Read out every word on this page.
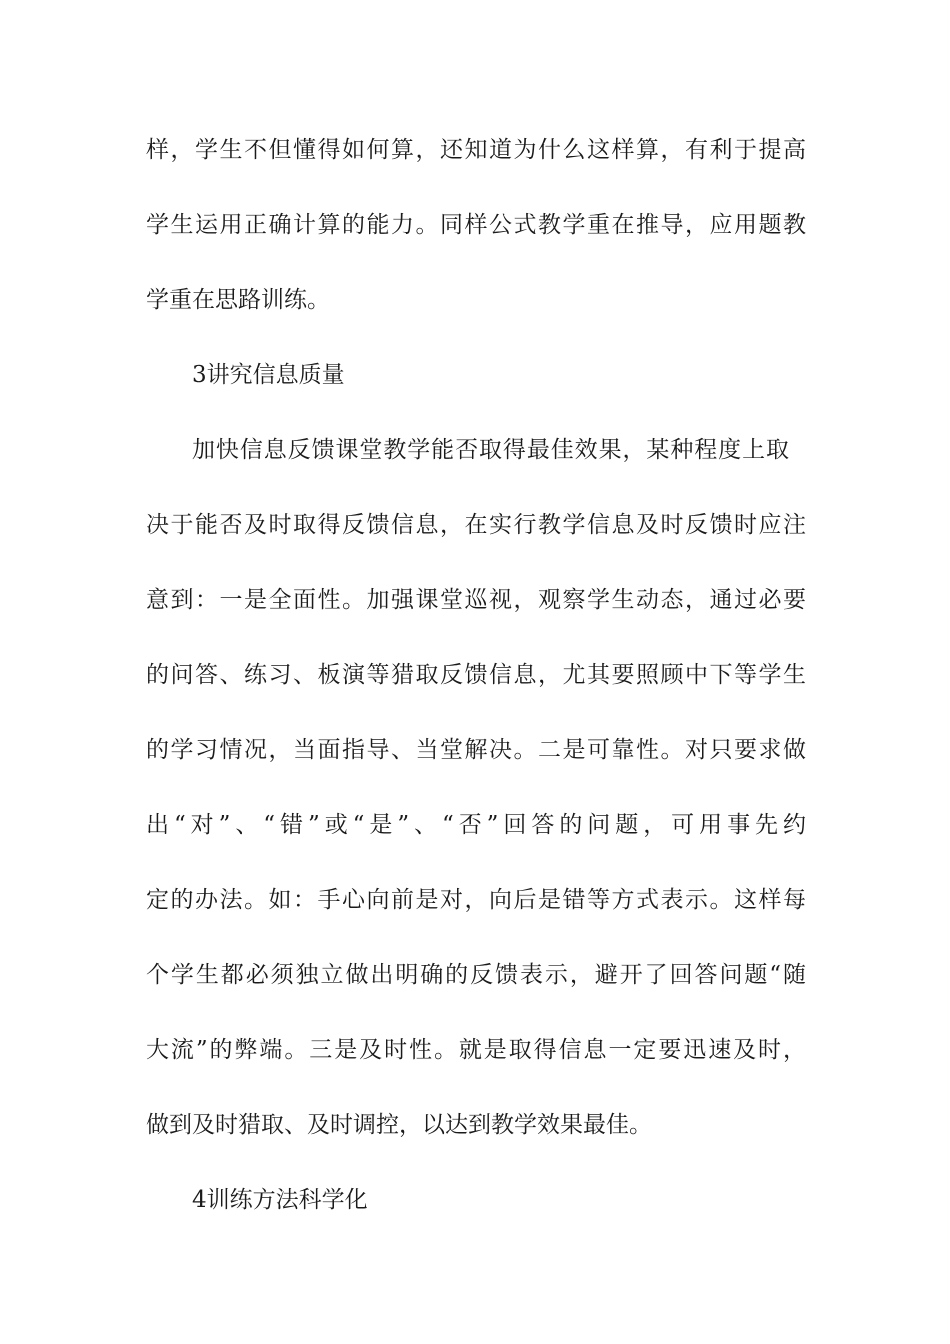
样，学生不但懂得如何算，还知道为什么这样算，有利于提高
学生运用正确计算的能力。同样公式教学重在推导，应用题教
学重在思路训练。
3讲究信息质量
加快信息反馈课堂教学能否取得最佳效果，某种程度上取
决于能否及时取得反馈信息，在实行教学信息及时反馈时应注
意到：一是全面性。加强课堂巡视，观察学生动态，通过必要
的问答、练习、板演等猎取反馈信息，尤其要照顾中下等学生
的学习情况，当面指导、当堂解决。二是可靠性。对只要求做
出“对”、“错”或“是”、“否”回答的问题，可用事先约
定的办法。如：手心向前是对，向后是错等方式表示。这样每
个学生都必须独立做出明确的反馈表示，避开了回答问题“随
大流”的弊端。三是及时性。就是取得信息一定要迅速及时，
做到及时猎取、及时调控，以达到教学效果最佳。
4训练方法科学化
